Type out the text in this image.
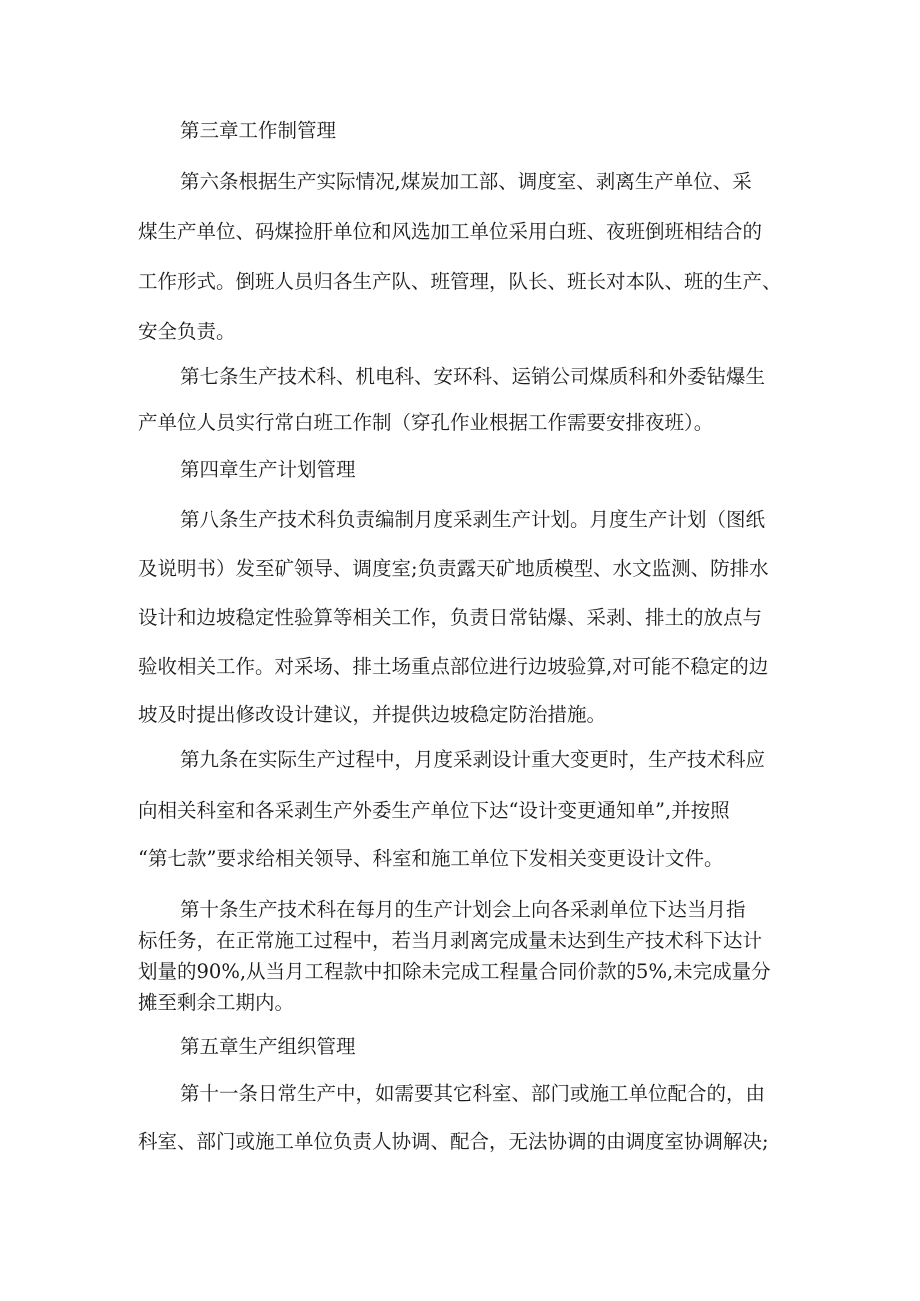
第三章工作制管理
第六条根据生产实际情况,煤炭加工部、调度室、剥离生产单位、采
煤生产单位、码煤捡肝单位和风选加工单位采用白班、夜班倒班相结合的
工作形式。倒班人员归各生产队、班管理，队长、班长对本队、班的生产、
安全负责。
第七条生产技术科、机电科、安环科、运销公司煤质科和外委钻爆生
产单位人员实行常白班工作制（穿孔作业根据工作需要安排夜班）。
第四章生产计划管理
第八条生产技术科负责编制月度采剥生产计划。月度生产计划（图纸
及说明书）发至矿领导、调度室;负责露天矿地质模型、水文监测、防排水
设计和边坡稳定性验算等相关工作，负责日常钻爆、采剥、排土的放点与
验收相关工作。对采场、排土场重点部位进行边坡验算,对可能不稳定的边
坡及时提出修改设计建议，并提供边坡稳定防治措施。
第九条在实际生产过程中，月度采剥设计重大变更时，生产技术科应
向相关科室和各采剥生产外委生产单位下达“设计变更通知单”,并按照
“第七款”要求给相关领导、科室和施工单位下发相关变更设计文件。
第十条生产技术科在每月的生产计划会上向各采剥单位下达当月指
标任务，在正常施工过程中，若当月剥离完成量未达到生产技术科下达计
划量的90%,从当月工程款中扣除未完成工程量合同价款的5%,未完成量分
摊至剩余工期内。
第五章生产组织管理
第十一条日常生产中，如需要其它科室、部门或施工单位配合的，由
科室、部门或施工单位负责人协调、配合，无法协调的由调度室协调解决;
